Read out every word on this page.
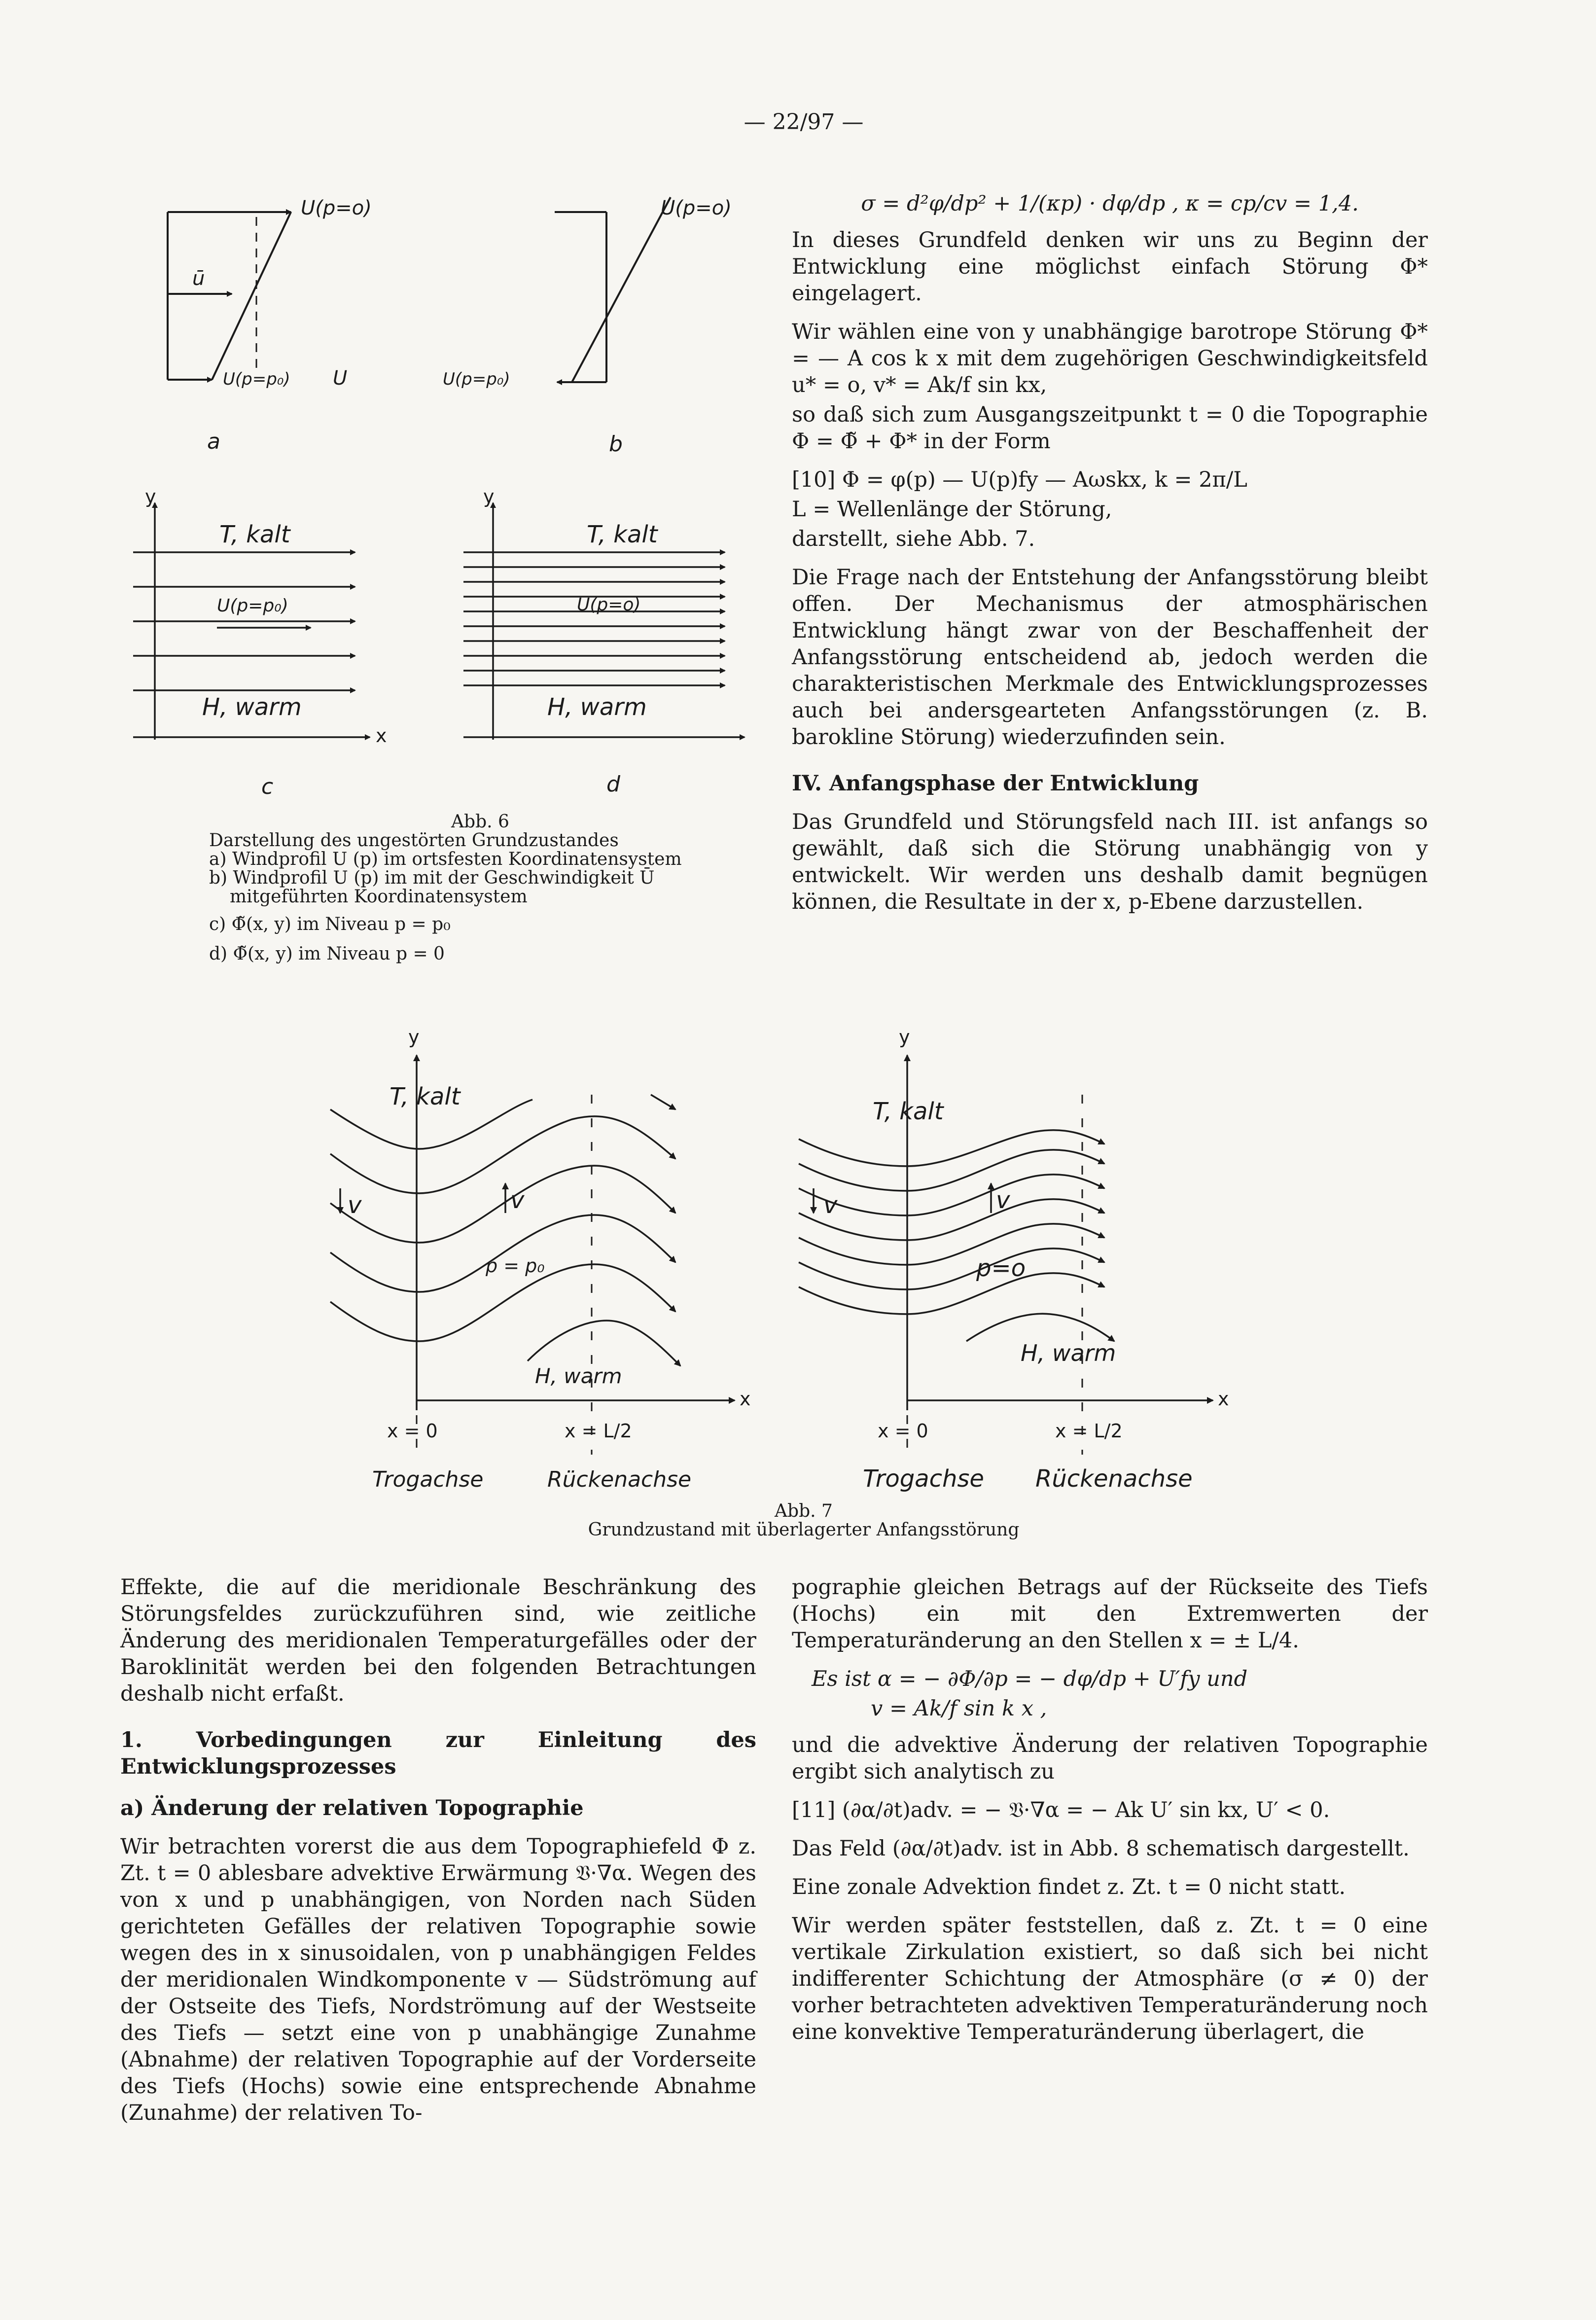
— 22/97 —
U(p=o)
ū
U(p=p₀) U
a
U(p=o)
U(p=p₀)
b
y
x
T, kalt
U(p=p₀)
H, warm
c
y
T, kalt
U(p=o)
H, warm
d
Abb. 6
Darstellung des ungestörten Grundzustandes
a) Windprofil U (p) im ortsfesten Koordinatensystem
b) Windprofil U (p) im mit der Geschwindigkeit Ū
mitgeführten Koordinatensystem
c) Φ̃(x, y) im Niveau p = p₀
d) Φ̃(x, y) im Niveau p = 0
σ = d²φ/dp² + 1/(κp) · dφ/dp , κ = cp/cv = 1,4.

In dieses Grundfeld denken wir uns zu Beginn der Entwicklung eine möglichst einfach Störung Φ* eingelagert.

Wir wählen eine von y unabhängige barotrope Störung Φ* = — A cos k x mit dem zugehörigen Geschwindigkeitsfeld u* = o, v* = Ak/f sin kx,

so daß sich zum Ausgangszeitpunkt t = 0 die Topographie Φ = Φ̃ + Φ* in der Form

[10] Φ = φ(p) — U(p)fy — Aωskx, k = 2π/L

L = Wellenlänge der Störung,

darstellt, siehe Abb. 7.

Die Frage nach der Entstehung der Anfangsstörung bleibt offen. Der Mechanismus der atmosphärischen Entwicklung hängt zwar von der Beschaffenheit der Anfangsstörung entscheidend ab, jedoch werden die charakteristischen Merkmale des Entwicklungsprozesses auch bei andersgearteten Anfangsstörungen (z. B. barokline Störung) wiederzufinden sein.

IV. Anfangsphase der Entwicklung

Das Grundfeld und Störungsfeld nach III. ist anfangs so gewählt, daß sich die Störung unabhängig von y entwickelt. Wir werden uns deshalb damit begnügen können, die Resultate in der x, p-Ebene darzustellen.

y
x
T, kalt
v	v
p = p₀
H, warm
x = 0	x = L/2
Trogachse	Rückenachse
y
x
T, kalt
v	v
p=o
H, warm
x = 0	x = L/2
Trogachse Rückenachse
Abb. 7
Grundzustand mit überlagerter Anfangsstörung

Effekte, die auf die meridionale Beschränkung des Störungsfeldes zurückzuführen sind, wie zeitliche Änderung des meridionalen Temperaturgefälles oder der Baroklinität werden bei den folgenden Betrachtungen deshalb nicht erfaßt.

1. Vorbedingungen zur Einleitung des Entwicklungsprozesses

a) Änderung der relativen Topographie

Wir betrachten vorerst die aus dem Topographiefeld Φ z. Zt. t = 0 ablesbare advektive Erwärmung 𝔙·∇α. Wegen des von x und p unabhängigen, von Norden nach Süden gerichteten Gefälles der relativen Topographie sowie wegen des in x sinusoidalen, von p unabhängigen Feldes der meridionalen Windkomponente v — Südströmung auf der Ostseite des Tiefs, Nordströmung auf der Westseite des Tiefs — setzt eine von p unabhängige Zunahme (Abnahme) der relativen Topographie auf der Vorderseite des Tiefs (Hochs) sowie eine entsprechende Abnahme (Zunahme) der relativen To-

pographie gleichen Betrags auf der Rückseite des Tiefs (Hochs) ein mit den Extremwerten der Temperaturänderung an den Stellen x = ± L/4.

Es ist α = − ∂Φ/∂p = − dφ/dp + U′fy und
v = Ak/f sin k x ,

und die advektive Änderung der relativen Topographie ergibt sich analytisch zu

[11] (∂α/∂t)adv. = − 𝔙·∇α = − Ak U′ sin kx, U′ < 0.

Das Feld (∂α/∂t)adv. ist in Abb. 8 schematisch dargestellt.

Eine zonale Advektion findet z. Zt. t = 0 nicht statt.

Wir werden später feststellen, daß z. Zt. t = 0 eine vertikale Zirkulation existiert, so daß sich bei nicht indifferenter Schichtung der Atmosphäre (σ ≠ 0) der vorher betrachteten advektiven Temperaturänderung noch eine konvektive Temperaturänderung überlagert, die
